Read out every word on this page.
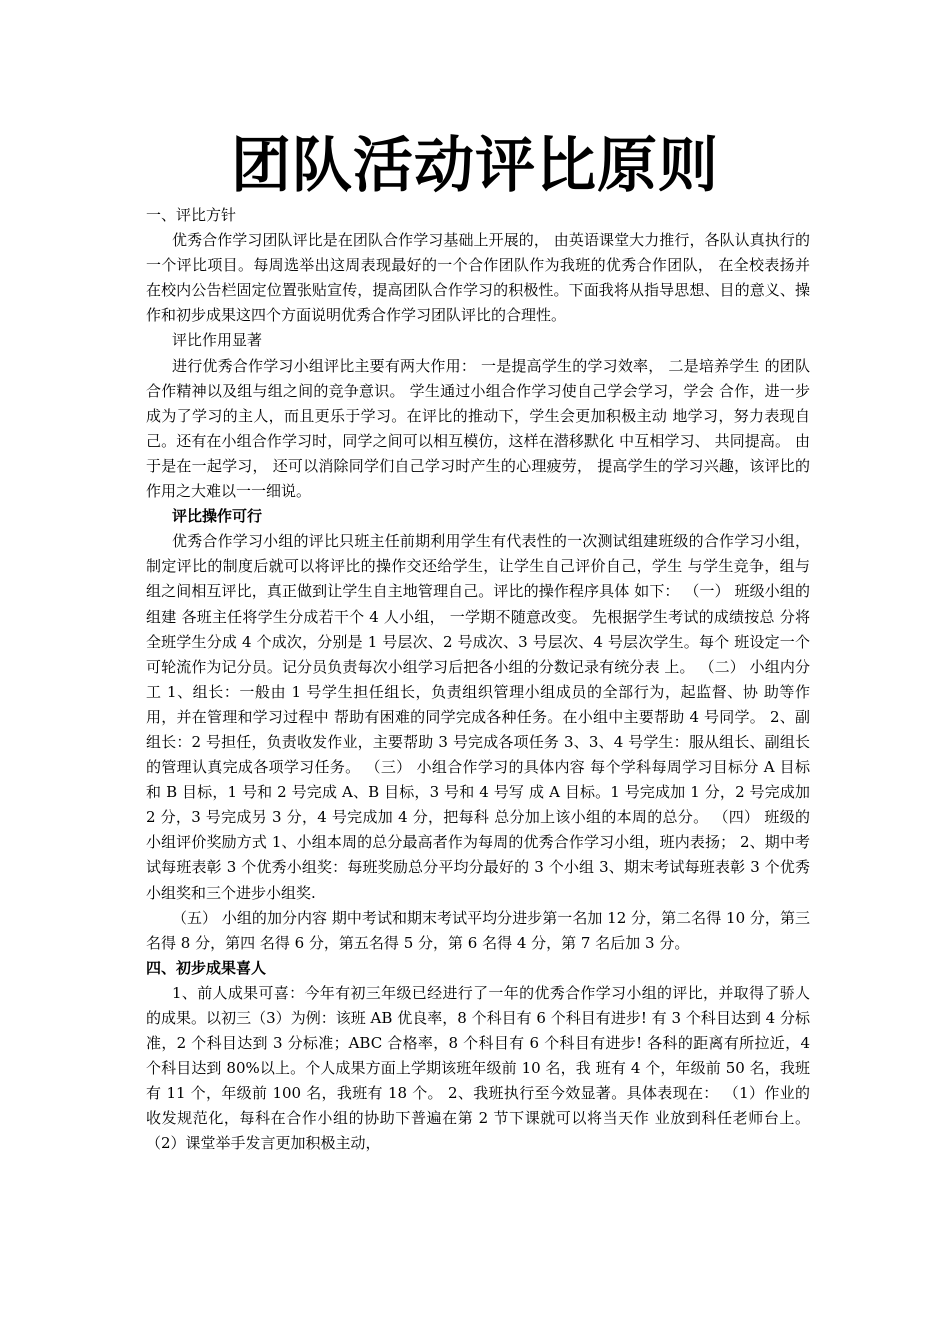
团队活动评比原则

一、评比方针

优秀合作学习团队评比是在团队合作学习基础上开展的， 由英语课堂大力推行，各队认真执行的一个评比项目。每周选举出这周表现最好的一个合作团队作为我班的优秀合作团队， 在全校表扬并在校内公告栏固定位置张贴宣传，提高团队合作学习的积极性。下面我将从指导思想、目的意义、操作和初步成果这四个方面说明优秀合作学习团队评比的合理性。

评比作用显著

进行优秀合作学习小组评比主要有两大作用： 一是提高学生的学习效率， 二是培养学生 的团队合作精神以及组与组之间的竞争意识。 学生通过小组合作学习使自己学会学习，学会 合作，进一步成为了学习的主人，而且更乐于学习。在评比的推动下，学生会更加积极主动 地学习，努力表现自己。还有在小组合作学习时，同学之间可以相互模仿，这样在潜移默化 中互相学习、 共同提高。 由于是在一起学习， 还可以消除同学们自己学习时产生的心理疲劳， 提高学生的学习兴趣，该评比的作用之大难以一一细说。

评比操作可行

优秀合作学习小组的评比只班主任前期利用学生有代表性的一次测试组建班级的合作学习小组，制定评比的制度后就可以将评比的操作交还给学生，让学生自己评价自己，学生 与学生竞争，组与组之间相互评比，真正做到让学生自主地管理自己。评比的操作程序具体 如下： （一） 班级小组的组建 各班主任将学生分成若干个 4 人小组， 一学期不随意改变。 先根据学生考试的成绩按总 分将全班学生分成 4 个成次，分别是 1 号层次、2 号成次、3 号层次、4 号层次学生。每个 班设定一个可轮流作为记分员。记分员负责每次小组学习后把各小组的分数记录有统分表 上。 （二） 小组内分工 1、组长：一般由 1 号学生担任组长，负责组织管理小组成员的全部行为，起监督、协 助等作用，并在管理和学习过程中 帮助有困难的同学完成各种任务。在小组中主要帮助 4 号同学。 2、副组长：2 号担任，负责收发作业，主要帮助 3 号完成各项任务 3、3、4 号学生：服从组长、副组长的管理认真完成各项学习任务。 （三） 小组合作学习的具体内容 每个学科每周学习目标分 A 目标和 B 目标，1 号和 2 号完成 A、B 目标，3 号和 4 号写 成 A 目标。1 号完成加 1 分，2 号完成加 2 分，3 号完成另 3 分，4 号完成加 4 分，把每科 总分加上该小组的本周的总分。 （四） 班级的小组评价奖励方式 1、小组本周的总分最高者作为每周的优秀合作学习小组，班内表扬； 2、期中考试每班表彰 3 个优秀小组奖：每班奖励总分平均分最好的 3 个小组 3、期末考试每班表彰 3 个优秀小组奖和三个进步小组奖.

（五） 小组的加分内容 期中考试和期末考试平均分进步第一名加 12 分，第二名得 10 分，第三名得 8 分，第四 名得 6 分，第五名得 5 分，第 6 名得 4 分，第 7 名后加 3 分。

四、初步成果喜人

1、前人成果可喜：今年有初三年级已经进行了一年的优秀合作学习小组的评比，并取得了骄人的成果。以初三（3）为例：该班 AB 优良率，8 个科目有 6 个科目有进步! 有 3 个科目达到 4 分标准，2 个科目达到 3 分标准；ABC 合格率，8 个科目有 6 个科目有进步! 各科的距离有所拉近，4 个科目达到 80%以上。个人成果方面上学期该班年级前 10 名，我 班有 4 个，年级前 50 名，我班有 11 个，年级前 100 名，我班有 18 个。 2、我班执行至今效显著。具体表现在： （1）作业的收发规范化，每科在合作小组的协助下普遍在第 2 节下课就可以将当天作 业放到科任老师台上。 （2）课堂举手发言更加积极主动，
